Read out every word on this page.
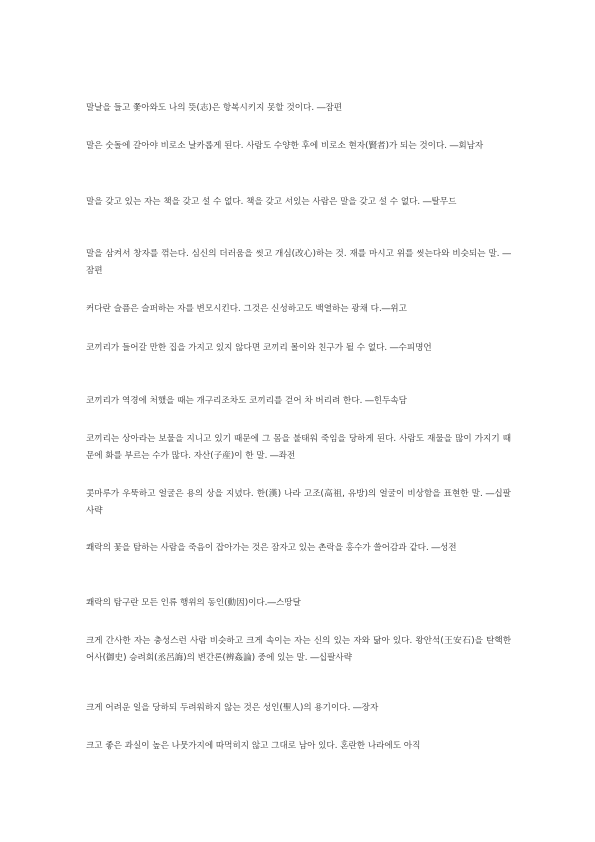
말날을 들고 쫓아와도 나의 뜻(志)은 항복시키지 못할 것이다. ―잠편

말은 숫돌에 갈아야 비로소 날카롭게 된다. 사람도 수양한 후에 비로소 현자(賢者)가 되는 것이다. ―회남자

말을 갖고 있는 자는 책을 갖고 설 수 없다. 책을 갖고 서있는 사람은 말을 갖고 설 수 없다. ―탈무드

말을 삼켜서 창자를 꺾는다. 심신의 더러움을 씻고 개심(改心)하는 것. 재를 마시고 위를 씻는다와 비슷되는 말. ―잠편

커다란 슬픔은 슬퍼하는 자를 변모시킨다. 그것은 신성하고도 백열하는 광채 다.―위고

코끼리가 들어갈 만한 집을 가지고 있지 않다면 코끼리 몰이와 친구가 될 수 없다. ―수피명언

코끼리가 역경에 처했을 때는 개구리조차도 코끼리를 걷어 차 버리려 한다. ―힌두속담

코끼리는 상아라는 보물을 지니고 있기 때문에 그 몸을 불태워 죽임을 당하게 된다. 사람도 재물을 많이 가지기 때문에 화를 부르는 수가 많다. 자산(子産)이 한 말. ―좌전

콧마루가 우뚝하고 얼굴은 용의 상을 지녔다. 한(漢) 나라 고조(高祖, 유방)의 얼굴이 비상함을 표현한 말. ―십팔사략

쾌락의 꽃을 탐하는 사람을 죽음이 잡아가는 것은 잠자고 있는 촌락을 홍수가 쓸어감과 같다. ―성전

쾌락의 탐구란 모든 인류 행위의 동인(動因)이다.―스땅달

크게 간사한 자는 충성스런 사람 비슷하고 크게 속이는 자는 신의 있는 자와 닮아 있다. 왕안석(王安石)을 탄핵한 어사(御史) 승려회(丞呂誨)의 변간론(辨姦論) 중에 있는 말. ―십팔사략

크게 어려운 일을 당하되 두려워하지 않는 것은 성인(聖人)의 용기이다. ―장자

크고 좋은 과실이 높은 나뭇가지에 따먹히지 않고 그대로 남아 있다. 혼란한 나라에도 아직
